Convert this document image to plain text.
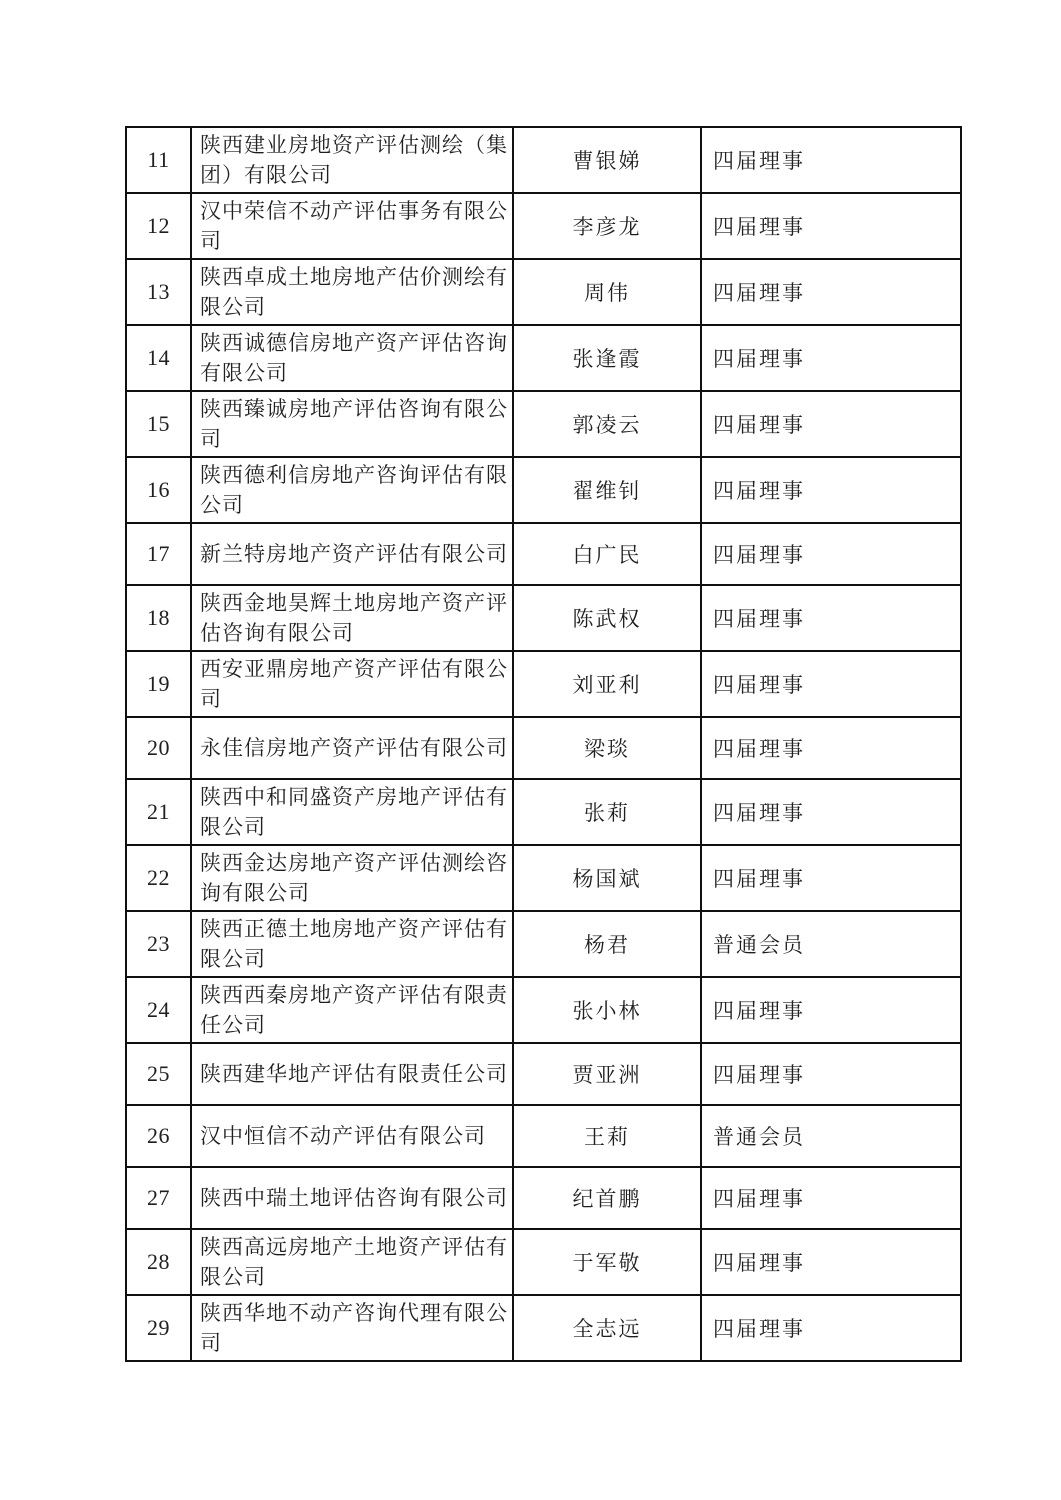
11	陕西建业房地资产评估测绘（集团）有限公司	曹银娣	四届理事
12	汉中荣信不动产评估事务有限公司	李彦龙	四届理事
13	陕西卓成土地房地产估价测绘有限公司	周伟	四届理事
14	陕西诚德信房地产资产评估咨询有限公司	张逢霞	四届理事
15	陕西臻诚房地产评估咨询有限公司	郭凌云	四届理事
16	陕西德利信房地产咨询评估有限公司	翟维钊	四届理事
17	新兰特房地产资产评估有限公司	白广民	四届理事
18	陕西金地昊辉土地房地产资产评估咨询有限公司	陈武权	四届理事
19	西安亚鼎房地产资产评估有限公司	刘亚利	四届理事
20	永佳信房地产资产评估有限公司	梁琰	四届理事
21	陕西中和同盛资产房地产评估有限公司	张莉	四届理事
22	陕西金达房地产资产评估测绘咨询有限公司	杨国斌	四届理事
23	陕西正德土地房地产资产评估有限公司	杨君	普通会员
24	陕西西秦房地产资产评估有限责任公司	张小林	四届理事
25	陕西建华地产评估有限责任公司	贾亚洲	四届理事
26	汉中恒信不动产评估有限公司	王莉	普通会员
27	陕西中瑞土地评估咨询有限公司	纪首鹏	四届理事
28	陕西高远房地产土地资产评估有限公司	于军敬	四届理事
29	陕西华地不动产咨询代理有限公司	全志远	四届理事
